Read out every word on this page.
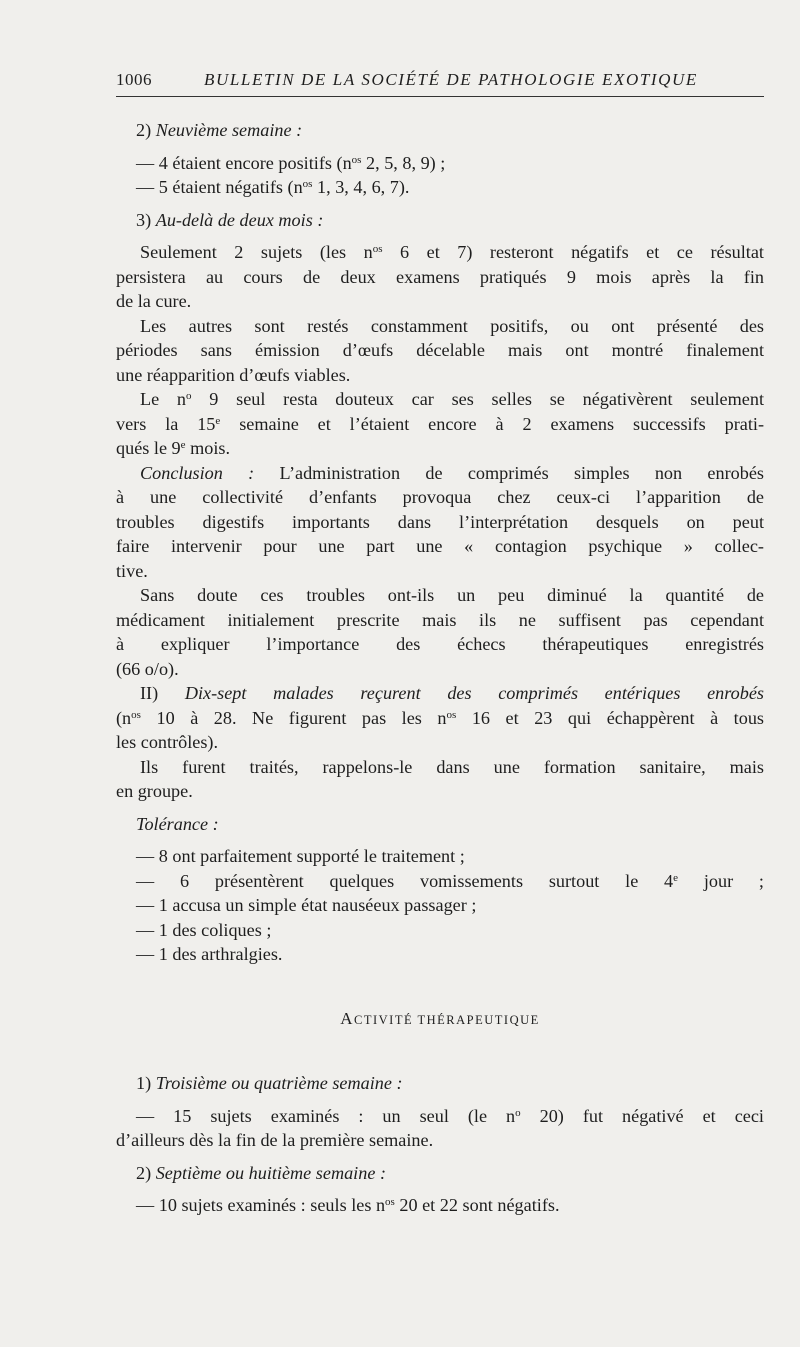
1006	BULLETIN DE LA SOCIÉTÉ DE PATHOLOGIE EXOTIQUE
2) Neuvième semaine :
— 4 étaient encore positifs ($n^{os}$ 2, 5, 8, 9) ;
— 5 étaient négatifs ($n^{os}$ 1, 3, 4, 6, 7).
3) Au-delà de deux mois :
Seulement 2 sujets (les $n^{os}$ 6 et 7) resteront négatifs et ce résultat
persistera au cours de deux examens pratiqués 9 mois après la fin
de la cure.
Les autres sont restés constamment positifs, ou ont présenté des
périodes sans émission d’œufs décelable mais ont montré finalement
une réapparition d’œufs viables.
Le $n^o$ 9 seul resta douteux car ses selles se négativèrent seulement
vers la 15e semaine et l’étaient encore à 2 examens successifs prati-
qués le 9e mois.
Conclusion : L’administration de comprimés simples non enrobés
à une collectivité d’enfants provoqua chez ceux-ci l’apparition de
troubles digestifs importants dans l’interprétation desquels on peut
faire intervenir pour une part une « contagion psychique » collec-
tive.
Sans doute ces troubles ont-ils un peu diminué la quantité de
médicament initialement prescrite mais ils ne suffisent pas cependant
à expliquer l’importance des échecs thérapeutiques enregistrés
(66 o/o).
II) Dix-sept malades reçurent des comprimés entériques enrobés
($n^{os}$ 10 à 28. Ne figurent pas les $n^{os}$ 16 et 23 qui échappèrent à tous
les contrôles).
Ils furent traités, rappelons-le dans une formation sanitaire, mais
en groupe.
Tolérance :
— 8 ont parfaitement supporté le traitement ;
— 6 présentèrent quelques vomissements surtout le 4e jour ;
— 1 accusa un simple état nauséeux passager ;
— 1 des coliques ;
— 1 des arthralgies.
ACTIVITÉ THÉRAPEUTIQUE
1) Troisième ou quatrième semaine :
— 15 sujets examinés : un seul (le $n^o$ 20) fut négativé et ceci
d’ailleurs dès la fin de la première semaine.
2) Septième ou huitième semaine :
— 10 sujets examinés : seuls les $n^{os}$ 20 et 22 sont négatifs.
